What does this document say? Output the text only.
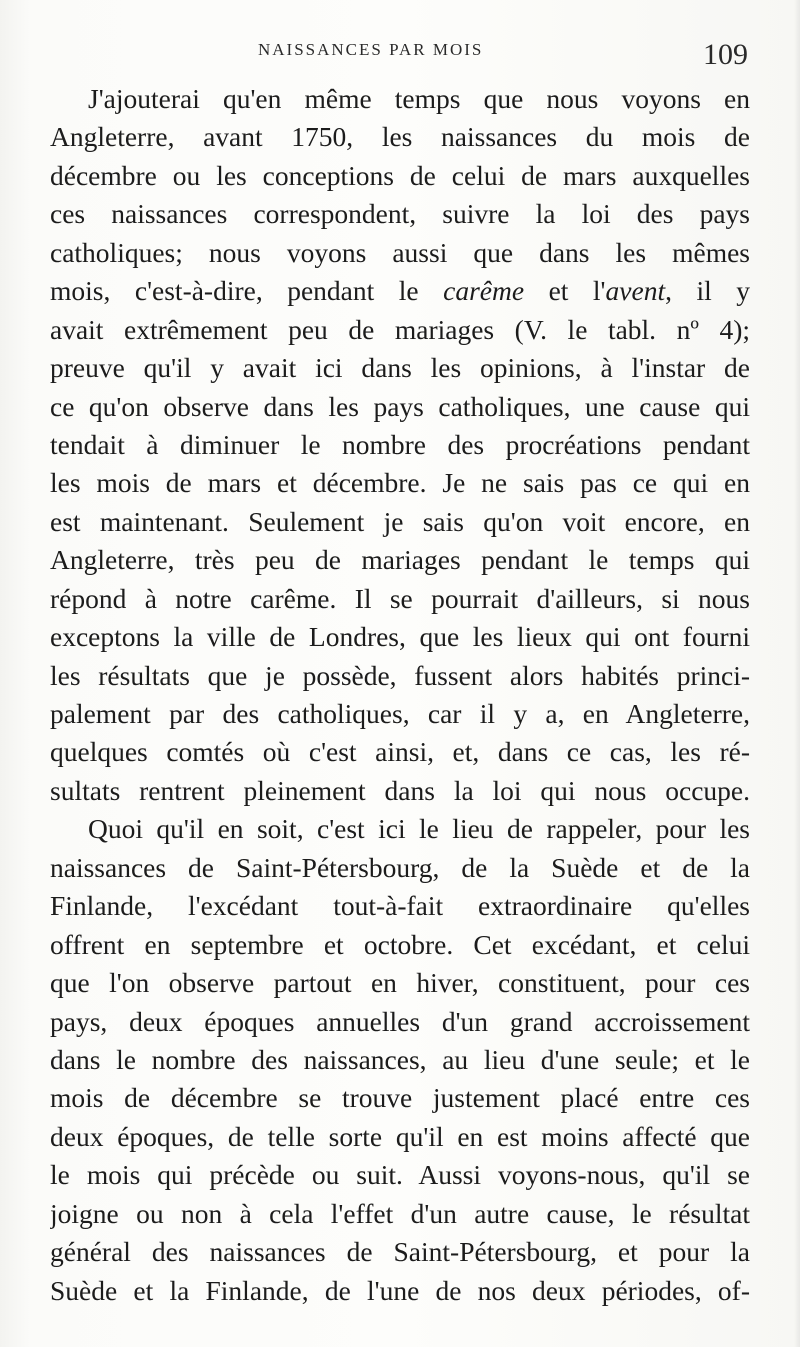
NAISSANCES PAR MOIS	109
J'ajouterai qu'en même temps que nous voyons en
Angleterre, avant 1750, les naissances du mois de
décembre ou les conceptions de celui de mars auxquelles
ces naissances correspondent, suivre la loi des pays
catholiques; nous voyons aussi que dans les mêmes
mois, c'est-à-dire, pendant le carême et l'avent, il y
avait extrêmement peu de mariages (V. le tabl. nº 4);
preuve qu'il y avait ici dans les opinions, à l'instar de
ce qu'on observe dans les pays catholiques, une cause qui
tendait à diminuer le nombre des procréations pendant
les mois de mars et décembre. Je ne sais pas ce qui en
est maintenant. Seulement je sais qu'on voit encore, en
Angleterre, très peu de mariages pendant le temps qui
répond à notre carême. Il se pourrait d'ailleurs, si nous
exceptons la ville de Londres, que les lieux qui ont fourni
les résultats que je possède, fussent alors habités princi-
palement par des catholiques, car il y a, en Angleterre,
quelques comtés où c'est ainsi, et, dans ce cas, les ré-
sultats rentrent pleinement dans la loi qui nous occupe.
Quoi qu'il en soit, c'est ici le lieu de rappeler, pour les
naissances de Saint-Pétersbourg, de la Suède et de la
Finlande, l'excédant tout-à-fait extraordinaire qu'elles
offrent en septembre et octobre. Cet excédant, et celui
que l'on observe partout en hiver, constituent, pour ces
pays, deux époques annuelles d'un grand accroissement
dans le nombre des naissances, au lieu d'une seule; et le
mois de décembre se trouve justement placé entre ces
deux époques, de telle sorte qu'il en est moins affecté que
le mois qui précède ou suit. Aussi voyons-nous, qu'il se
joigne ou non à cela l'effet d'un autre cause, le résultat
général des naissances de Saint-Pétersbourg, et pour la
Suède et la Finlande, de l'une de nos deux périodes, of-
